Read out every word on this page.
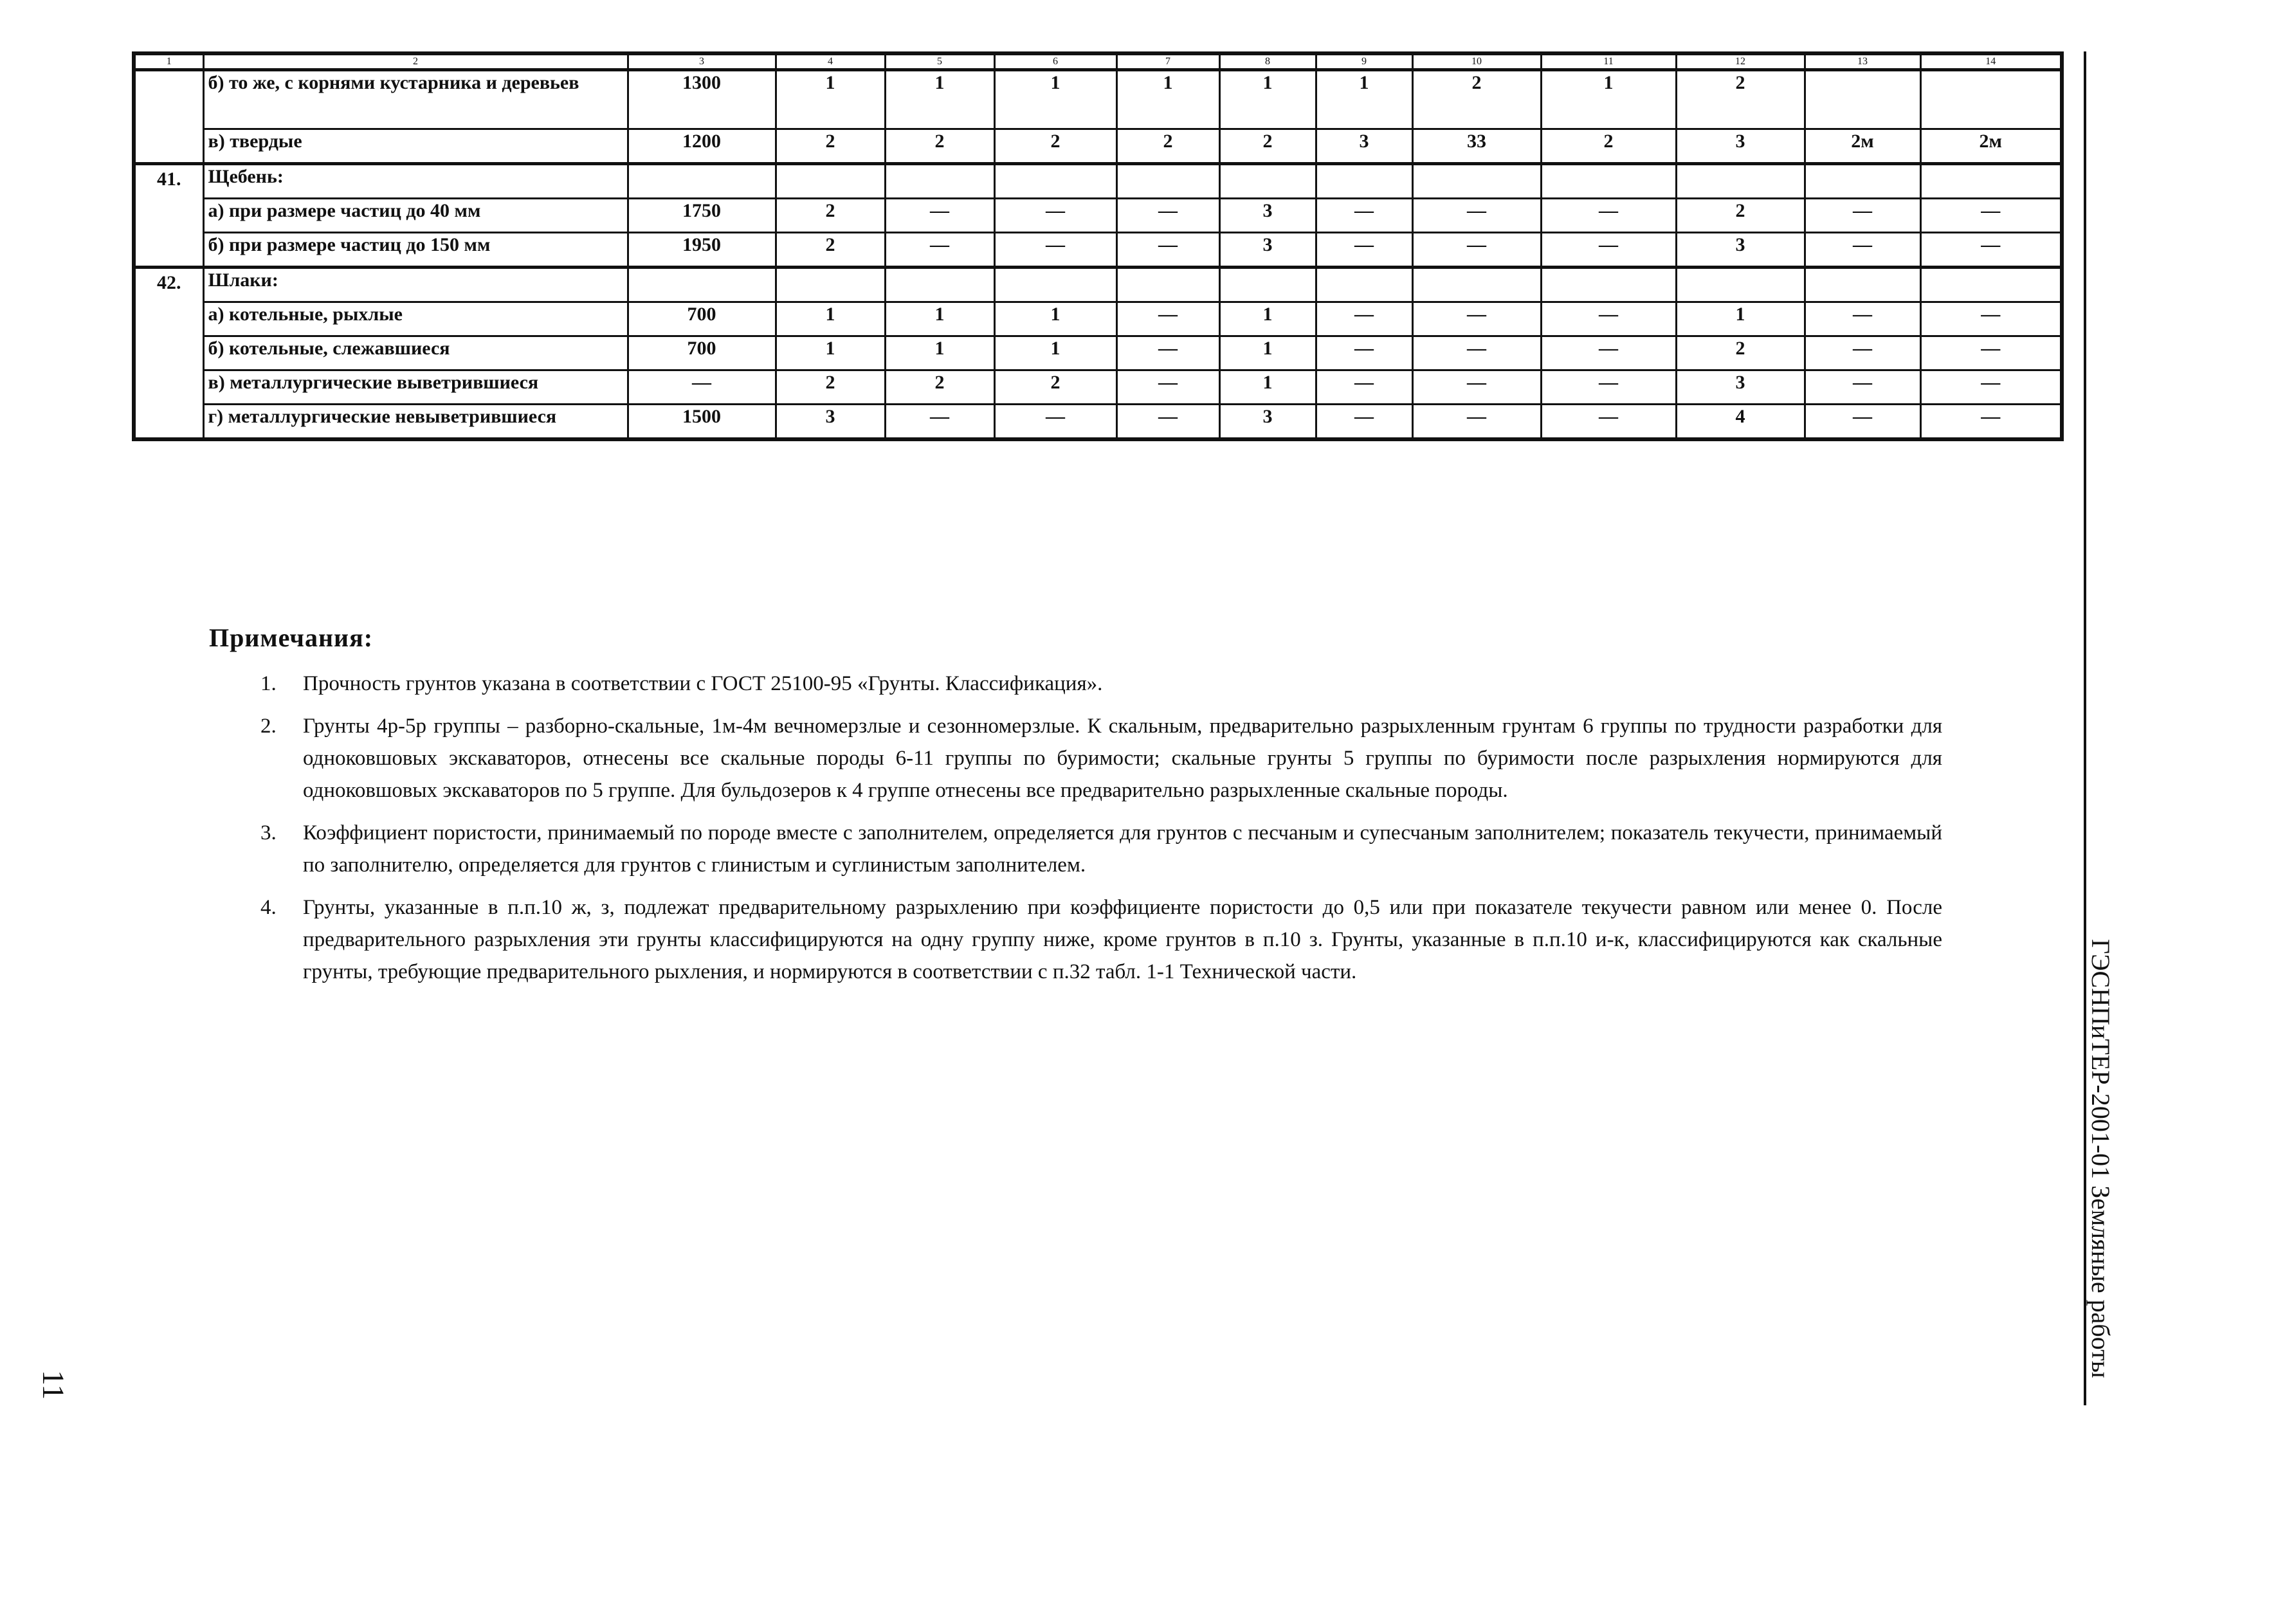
1	2	3	4	5	6	7	8	9	10	11	12	13	14
	б) то же, с корнями кустарника и деревьев	1300	1	1	1	1	1	1	2	1	2		
	в) твердые	1200	2	2	2	2	2	3	33	2	3	2м	2м
41.	Щебень:												
	а) при размере частиц до 40 мм	1750	2	—	—	—	3	—	—	—	2	—	—
	б) при размере частиц до 150 мм	1950	2	—	—	—	3	—	—	—	3	—	—
42.	Шлаки:												
	а) котельные, рыхлые	700	1	1	1	—	1	—	—	—	1	—	—
	б) котельные, слежавшиеся	700	1	1	1	—	1	—	—	—	2	—	—
	в) металлургические выветрившиеся	—	2	2	2	—	1	—	—	—	3	—	—
	г) металлургические невыветрившиеся	1500	3	—	—	—	3	—	—	—	4	—	—
Примечания:
1. Прочность грунтов указана в соответствии с ГОСТ 25100-95 «Грунты. Классификация».
2. Грунты 4р-5р группы – разборно-скальные, 1м-4м вечномерзлые и сезонномерзлые. К скальным, предварительно разрыхленным грунтам 6 группы по трудности разработки для одноковшовых экскаваторов, отнесены все скальные породы 6-11 группы по буримости; скальные грунты 5 группы по буримости после разрыхления нормируются для одноковшовых экскаваторов по 5 группе. Для бульдозеров к 4 группе отнесены все предварительно разрыхленные скальные породы.
3. Коэффициент пористости, принимаемый по породе вместе с заполнителем, определяется для грунтов с песчаным и супесчаным заполнителем; показатель текучести, принимаемый по заполнителю, определяется для грунтов с глинистым и суглинистым заполнителем.
4. Грунты, указанные в п.п.10 ж, з, подлежат предварительному разрыхлению при коэффициенте пористости до 0,5 или при показателе текучести равном или менее 0. После предварительного разрыхления эти грунты классифицируются на одну группу ниже, кроме грунтов в п.10 з. Грунты, указанные в п.п.10 и-к, классифицируются как скальные грунты, требующие предварительного рыхления, и нормируются в соответствии с п.32 табл. 1-1 Технической части.	ГЭСНПиТЕР-2001-01 Земляные работы
11
